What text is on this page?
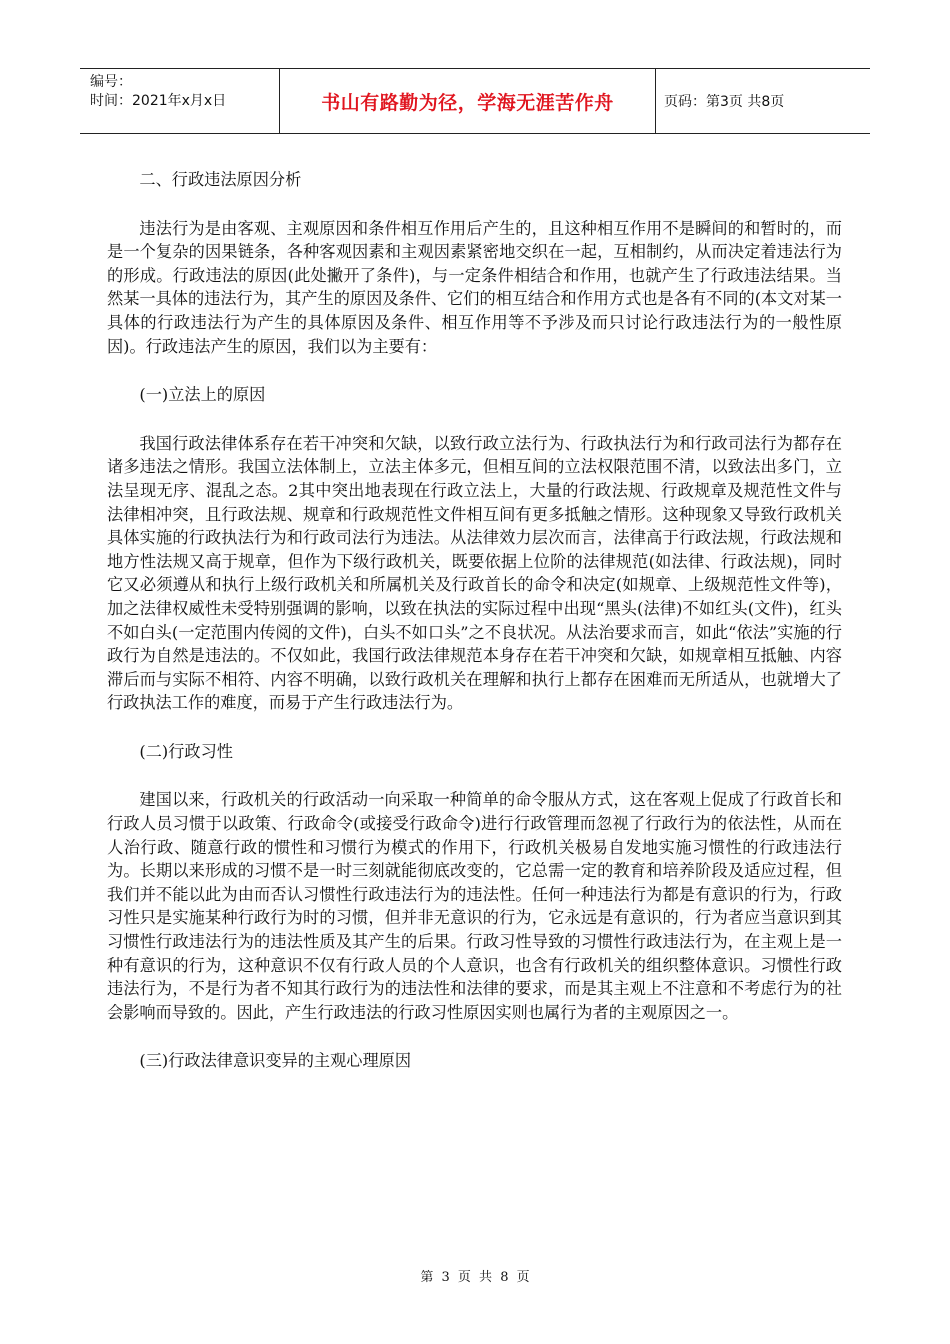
编号：
时间：2021年x月x日	书山有路勤为径，学海无涯苦作舟	页码：第3页 共8页

二、行政违法原因分析

违法行为是由客观、主观原因和条件相互作用后产生的，且这种相互作用不是瞬间的和暂时的，而是一个复杂的因果链条，各种客观因素和主观因素紧密地交织在一起，互相制约，从而决定着违法行为的形成。行政违法的原因(此处撇开了条件)，与一定条件相结合和作用，也就产生了行政违法结果。当然某一具体的违法行为，其产生的原因及条件、它们的相互结合和作用方式也是各有不同的(本文对某一具体的行政违法行为产生的具体原因及条件、相互作用等不予涉及而只讨论行政违法行为的一般性原因)。行政违法产生的原因，我们以为主要有：

(一)立法上的原因

我国行政法律体系存在若干冲突和欠缺，以致行政立法行为、行政执法行为和行政司法行为都存在诸多违法之情形。我国立法体制上，立法主体多元，但相互间的立法权限范围不清，以致法出多门，立法呈现无序、混乱之态。2其中突出地表现在行政立法上，大量的行政法规、行政规章及规范性文件与法律相冲突，且行政法规、规章和行政规范性文件相互间有更多抵触之情形。这种现象又导致行政机关具体实施的行政执法行为和行政司法行为违法。从法律效力层次而言，法律高于行政法规，行政法规和地方性法规又高于规章，但作为下级行政机关，既要依据上位阶的法律规范(如法律、行政法规)，同时它又必须遵从和执行上级行政机关和所属机关及行政首长的命令和决定(如规章、上级规范性文件等)，加之法律权威性未受特别强调的影响，以致在执法的实际过程中出现“黑头(法律)不如红头(文件)，红头不如白头(一定范围内传阅的文件)，白头不如口头”之不良状况。从法治要求而言，如此“依法”实施的行政行为自然是违法的。不仅如此，我国行政法律规范本身存在若干冲突和欠缺，如规章相互抵触、内容滞后而与实际不相符、内容不明确，以致行政机关在理解和执行上都存在困难而无所适从，也就增大了行政执法工作的难度，而易于产生行政违法行为。

(二)行政习性

建国以来，行政机关的行政活动一向采取一种简单的命令服从方式，这在客观上促成了行政首长和行政人员习惯于以政策、行政命令(或接受行政命令)进行行政管理而忽视了行政行为的依法性，从而在人治行政、随意行政的惯性和习惯行为模式的作用下，行政机关极易自发地实施习惯性的行政违法行为。长期以来形成的习惯不是一时三刻就能彻底改变的，它总需一定的教育和培养阶段及适应过程，但我们并不能以此为由而否认习惯性行政违法行为的违法性。任何一种违法行为都是有意识的行为，行政习性只是实施某种行政行为时的习惯，但并非无意识的行为，它永远是有意识的，行为者应当意识到其习惯性行政违法行为的违法性质及其产生的后果。行政习性导致的习惯性行政违法行为，在主观上是一种有意识的行为，这种意识不仅有行政人员的个人意识，也含有行政机关的组织整体意识。习惯性行政违法行为，不是行为者不知其行政行为的违法性和法律的要求，而是其主观上不注意和不考虑行为的社会影响而导致的。因此，产生行政违法的行政习性原因实则也属行为者的主观原因之一。

(三)行政法律意识变异的主观心理原因

第 3 页 共 8 页
